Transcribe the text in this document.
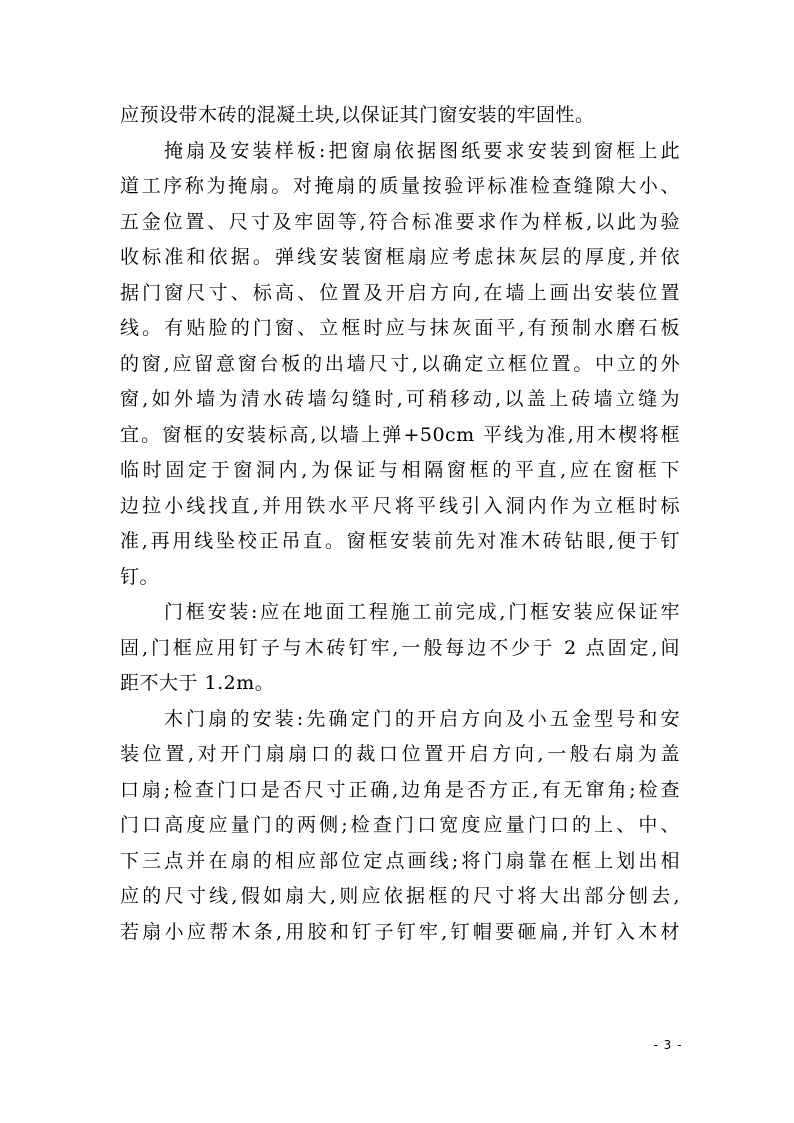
应预设带木砖的混凝土块,以保证其门窗安装的牢固性。
掩扇及安装样板:把窗扇依据图纸要求安装到窗框上此
道工序称为掩扇。对掩扇的质量按验评标准检查缝隙大小、
五金位置、尺寸及牢固等,符合标准要求作为样板,以此为验
收标准和依据。弹线安装窗框扇应考虑抹灰层的厚度,并依
据门窗尺寸、标高、位置及开启方向,在墙上画出安装位置
线。有贴脸的门窗、立框时应与抹灰面平,有预制水磨石板
的窗,应留意窗台板的出墙尺寸,以确定立框位置。中立的外
窗,如外墙为清水砖墙勾缝时,可稍移动,以盖上砖墙立缝为
宜。窗框的安装标高,以墙上弹+50cm 平线为准,用木楔将框
临时固定于窗洞内,为保证与相隔窗框的平直,应在窗框下
边拉小线找直,并用铁水平尺将平线引入洞内作为立框时标
准,再用线坠校正吊直。窗框安装前先对准木砖钻眼,便于钉
钉。
门框安装:应在地面工程施工前完成,门框安装应保证牢
固,门框应用钉子与木砖钉牢,一般每边不少于 2 点固定,间
距不大于 1.2m。
木门扇的安装:先确定门的开启方向及小五金型号和安
装位置,对开门扇扇口的裁口位置开启方向,一般右扇为盖
口扇;检查门口是否尺寸正确,边角是否方正,有无窜角;检查
门口高度应量门的两侧;检查门口宽度应量门口的上、中、
下三点并在扇的相应部位定点画线;将门扇靠在框上划出相
应的尺寸线,假如扇大,则应依据框的尺寸将大出部分刨去,
若扇小应帮木条,用胶和钉子钉牢,钉帽要砸扁,并钉入木材
- 3 -
